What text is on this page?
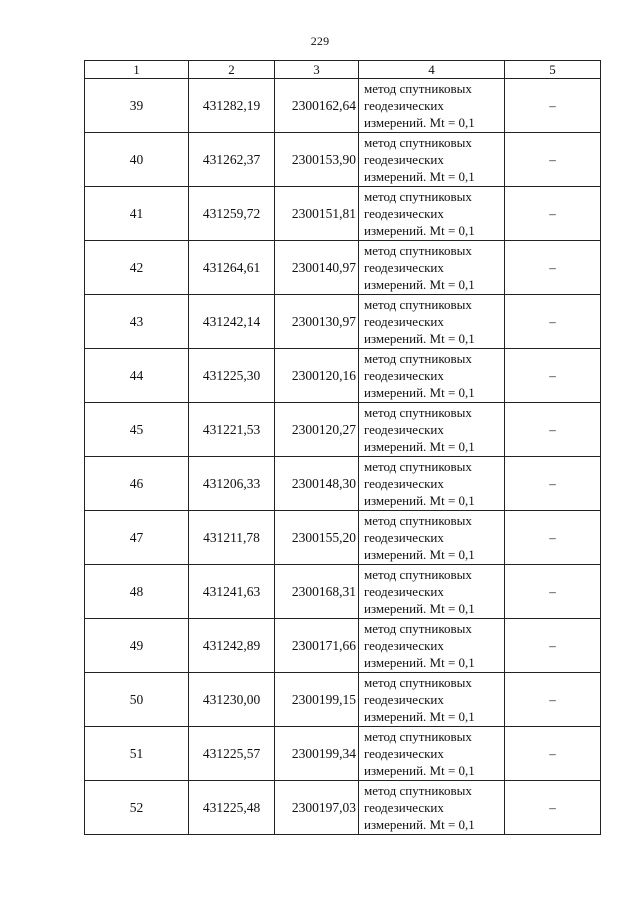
229
1	2	3	4	5
39	431282,19	2300162,64	метод спутниковых
геодезических
измерений. Mt = 0,1	–
40	431262,37	2300153,90	метод спутниковых
геодезических
измерений. Mt = 0,1	–
41	431259,72	2300151,81	метод спутниковых
геодезических
измерений. Mt = 0,1	–
42	431264,61	2300140,97	метод спутниковых
геодезических
измерений. Mt = 0,1	–
43	431242,14	2300130,97	метод спутниковых
геодезических
измерений. Mt = 0,1	–
44	431225,30	2300120,16	метод спутниковых
геодезических
измерений. Mt = 0,1	–
45	431221,53	2300120,27	метод спутниковых
геодезических
измерений. Mt = 0,1	–
46	431206,33	2300148,30	метод спутниковых
геодезических
измерений. Mt = 0,1	–
47	431211,78	2300155,20	метод спутниковых
геодезических
измерений. Mt = 0,1	–
48	431241,63	2300168,31	метод спутниковых
геодезических
измерений. Mt = 0,1	–
49	431242,89	2300171,66	метод спутниковых
геодезических
измерений. Mt = 0,1	–
50	431230,00	2300199,15	метод спутниковых
геодезических
измерений. Mt = 0,1	–
51	431225,57	2300199,34	метод спутниковых
геодезических
измерений. Mt = 0,1	–
52	431225,48	2300197,03	метод спутниковых
геодезических
измерений. Mt = 0,1	–
